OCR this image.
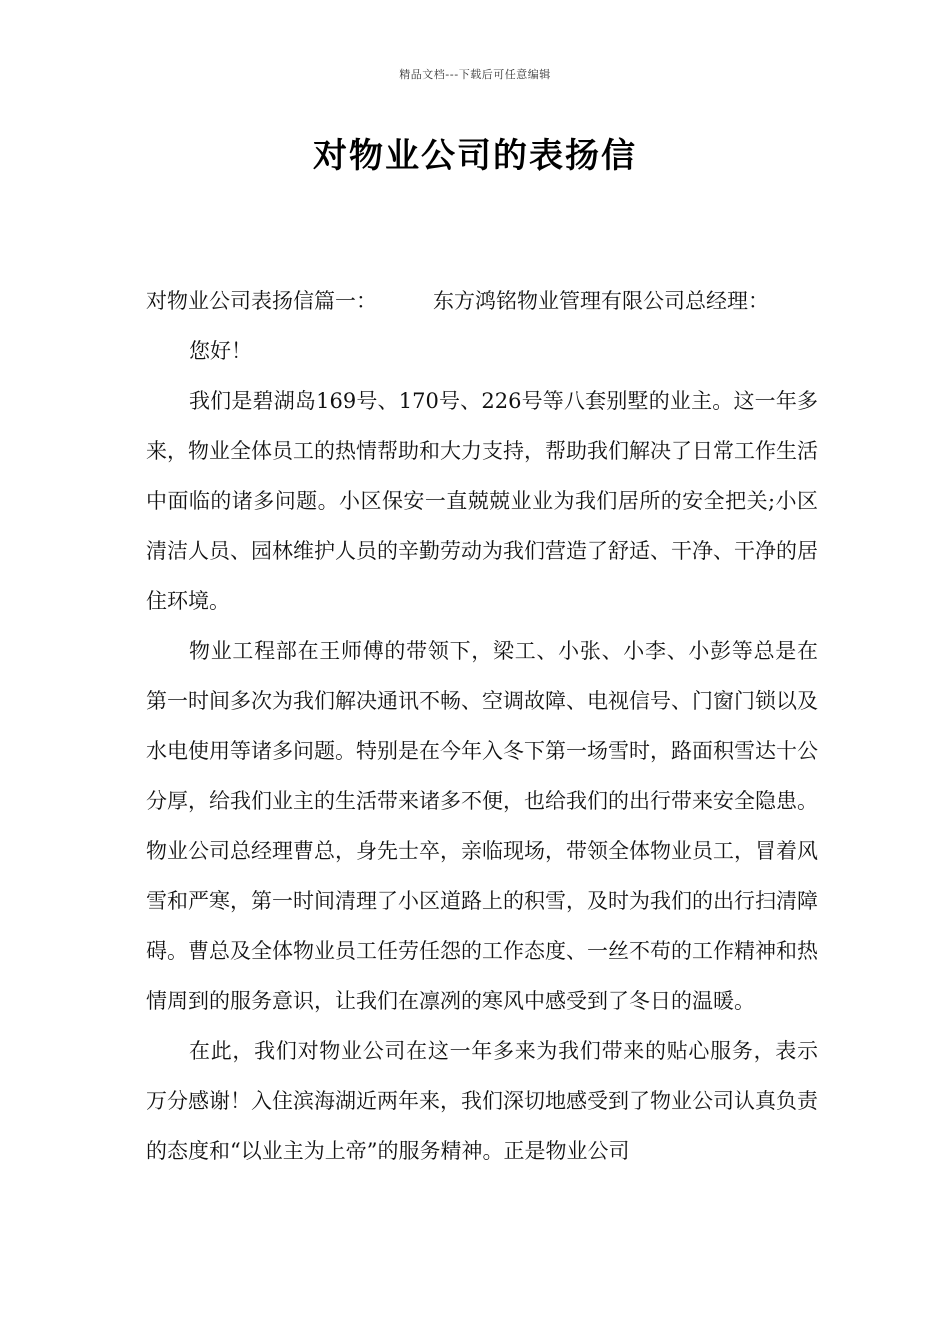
精品文档---下载后可任意编辑
对物业公司的表扬信

对物业公司表扬信篇一：	东方鸿铭物业管理有限公司总经理：

您好！

我们是碧湖岛169号、170号、226号等八套别墅的业主。这一年多来，物业全体员工的热情帮助和大力支持，帮助我们解决了日常工作生活中面临的诸多问题。小区保安一直兢兢业业为我们居所的安全把关;小区清洁人员、园林维护人员的辛勤劳动为我们营造了舒适、干净、干净的居住环境。

物业工程部在王师傅的带领下，梁工、小张、小李、小彭等总是在第一时间多次为我们解决通讯不畅、空调故障、电视信号、门窗门锁以及水电使用等诸多问题。特别是在今年入冬下第一场雪时，路面积雪达十公分厚，给我们业主的生活带来诸多不便，也给我们的出行带来安全隐患。物业公司总经理曹总，身先士卒，亲临现场，带领全体物业员工，冒着风雪和严寒，第一时间清理了小区道路上的积雪，及时为我们的出行扫清障碍。曹总及全体物业员工任劳任怨的工作态度、一丝不苟的工作精神和热情周到的服务意识，让我们在凛冽的寒风中感受到了冬日的温暖。

在此，我们对物业公司在这一年多来为我们带来的贴心服务，表示万分感谢！入住滨海湖近两年来，我们深切地感受到了物业公司认真负责的态度和“以业主为上帝”的服务精神。正是物业公司
